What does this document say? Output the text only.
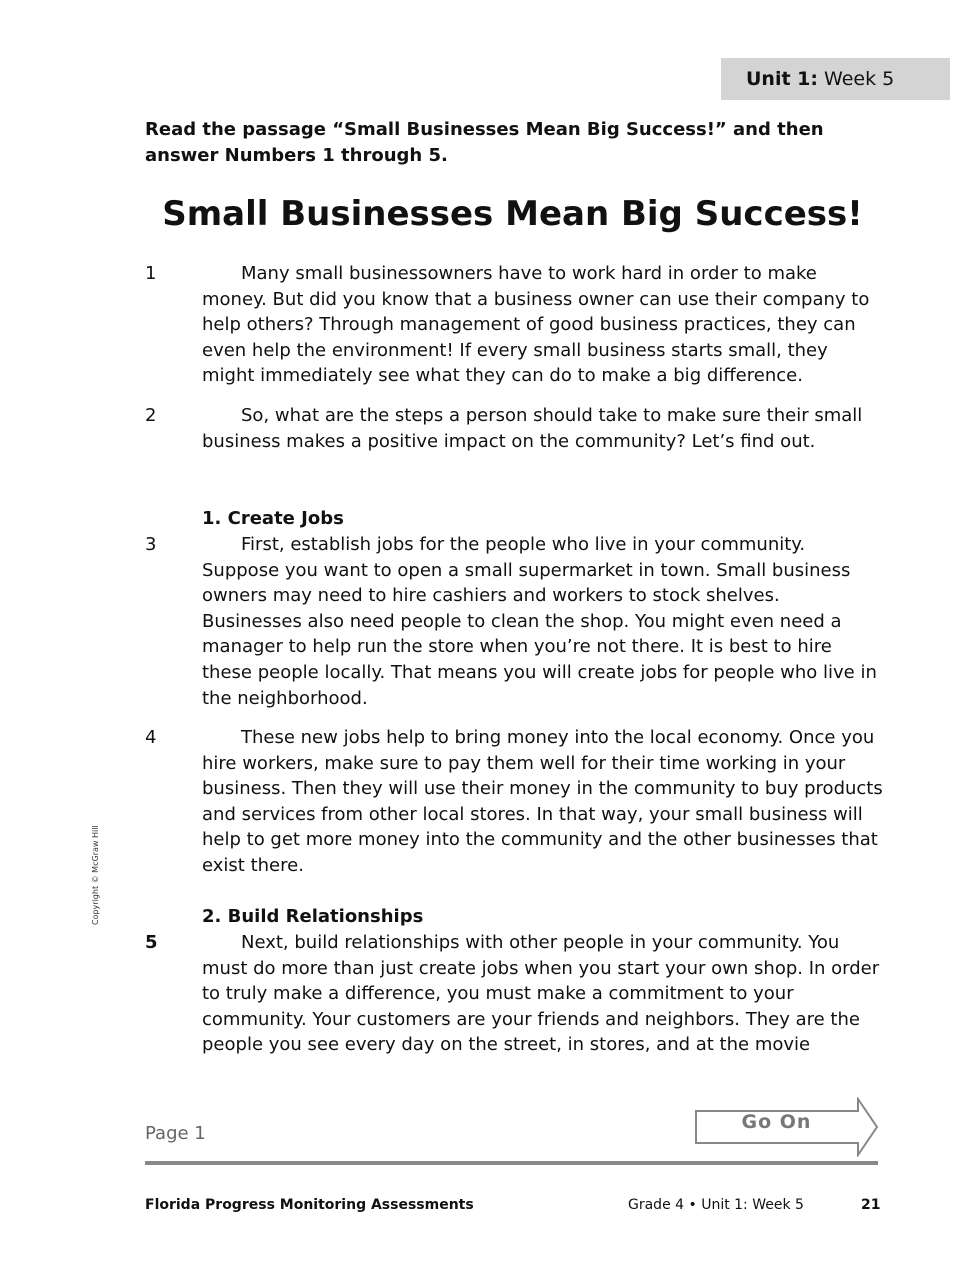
Unit 1: Week 5
Read the passage “Small Businesses Mean Big Success!” and then answer Numbers 1 through 5.
Small Businesses Mean Big Success!
1	Many small businessowners have to work hard in order to make money. But did you know that a business owner can use their company to help others? Through management of good business practices, they can even help the environment! If every small business starts small, they might immediately see what they can do to make a big difference.
2	So, what are the steps a person should take to make sure their small business makes a positive impact on the community? Let’s find out.
1. Create Jobs
3	First, establish jobs for the people who live in your community. Suppose you want to open a small supermarket in town. Small business owners may need to hire cashiers and workers to stock shelves. Businesses also need people to clean the shop. You might even need a manager to help run the store when you’re not there. It is best to hire these people locally. That means you will create jobs for people who live in the neighborhood.
4	These new jobs help to bring money into the local economy. Once you hire workers, make sure to pay them well for their time working in your business. Then they will use their money in the community to buy products and services from other local stores. In that way, your small business will help to get more money into the community and the other businesses that exist there.
2. Build Relationships
5	Next, build relationships with other people in your community. You must do more than just create jobs when you start your own shop. In order to truly make a difference, you must make a commitment to your community. Your customers are your friends and neighbors. They are the people you see every day on the street, in stores, and at the movie
Copyright © McGraw Hill
Page 1
Go On
Florida Progress Monitoring Assessments	Grade 4 • Unit 1: Week 5	21
